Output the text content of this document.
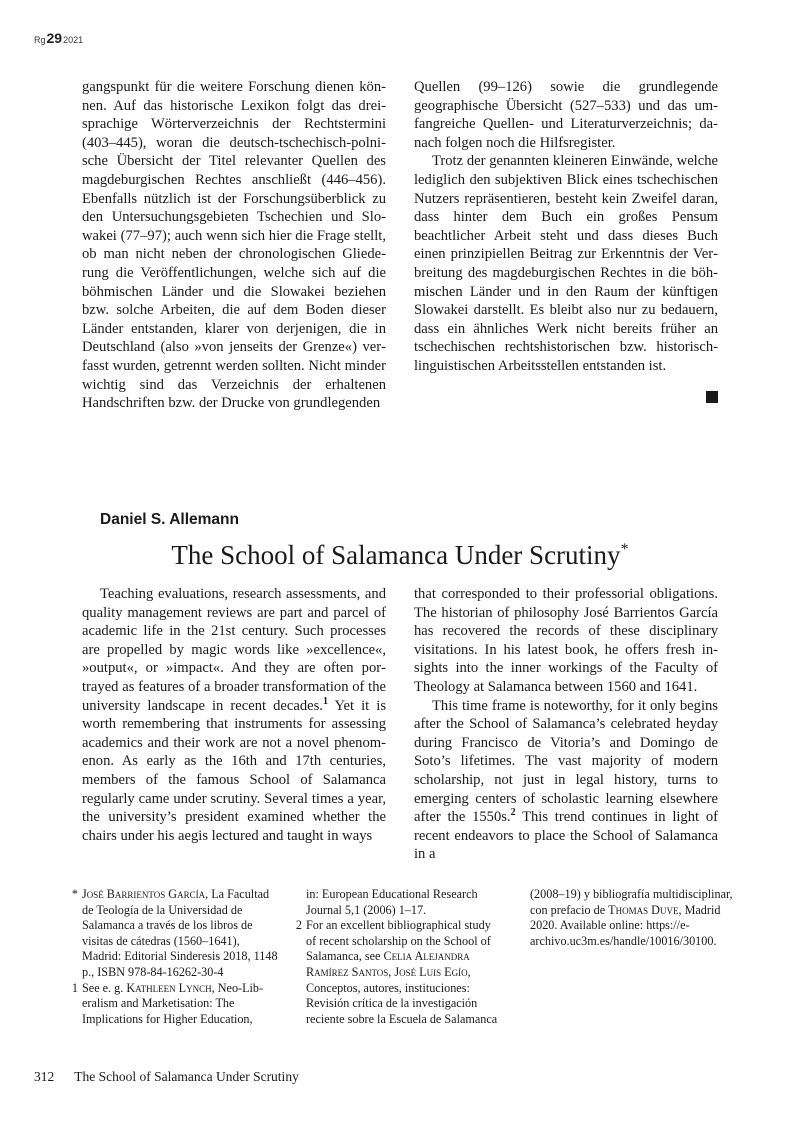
Rg292021

gangspunkt für die weitere Forschung dienen können. Auf das historische Lexikon folgt das dreisprachige Wörterverzeichnis der Rechtstermini (403–445), woran die deutsch-tschechisch-polnische Übersicht der Titel relevanter Quellen des magdeburgischen Rechtes anschließt (446–456). Ebenfalls nützlich ist der Forschungsüberblick zu den Untersuchungsgebieten Tschechien und Slowakei (77–97); auch wenn sich hier die Frage stellt, ob man nicht neben der chronologischen Gliederung die Veröffentlichungen, welche sich auf die böhmischen Länder und die Slowakei beziehen bzw. solche Arbeiten, die auf dem Boden dieser Länder entstanden, klarer von derjenigen, die in Deutschland (also »von jenseits der Grenze«) verfasst wurden, getrennt werden sollten. Nicht minder wichtig sind das Verzeichnis der erhaltenen Handschriften bzw. der Drucke von grundlegenden

Quellen (99–126) sowie die grundlegende geographische Übersicht (527–533) und das umfangreiche Quellen- und Literaturverzeichnis; danach folgen noch die Hilfsregister.

Trotz der genannten kleineren Einwände, welche lediglich den subjektiven Blick eines tschechischen Nutzers repräsentieren, besteht kein Zweifel daran, dass hinter dem Buch ein großes Pensum beachtlicher Arbeit steht und dass dieses Buch einen prinzipiellen Beitrag zur Erkenntnis der Verbreitung des magdeburgischen Rechtes in die böhmischen Länder und in den Raum der künftigen Slowakei darstellt. Es bleibt also nur zu bedauern, dass ein ähnliches Werk nicht bereits früher an tschechischen rechtshistorischen bzw. historisch-linguistischen Arbeitsstellen entstanden ist.

Daniel S. Allemann
The School of Salamanca Under Scrutiny*

Teaching evaluations, research assessments, and quality management reviews are part and parcel of academic life in the 21st century. Such processes are propelled by magic words like »excellence«, »output«, or »impact«. And they are often portrayed as features of a broader transformation of the university landscape in recent decades.$^1$ Yet it is worth remembering that instruments for assessing academics and their work are not a novel phenomenon. As early as the 16th and 17th centuries, members of the famous School of Salamanca regularly came under scrutiny. Several times a year, the university’s president examined whether the chairs under his aegis lectured and taught in ways

that corresponded to their professorial obligations. The historian of philosophy José Barrientos García has recovered the records of these disciplinary visitations. In his latest book, he offers fresh insights into the inner workings of the Faculty of Theology at Salamanca between 1560 and 1641.

This time frame is noteworthy, for it only begins after the School of Salamanca’s celebrated heyday during Francisco de Vitoria’s and Domingo de Soto’s lifetimes. The vast majority of modern scholarship, not just in legal history, turns to emerging centers of scholastic learning elsewhere after the 1550s.$^2$ This trend continues in light of recent endeavors to place the School of Salamanca in a

* José Barrientos García, La Facultad de Teología de la Universidad de Salamanca a través de los libros de visitas de cátedras (1560–1641), Madrid: Editorial Sinderesis 2018, 1148 p., ISBN 978-84-16262-30-4
1 See e. g. Kathleen Lynch, Neo-Liberalism and Marketisation: The Implications for Higher Education,
in: European Educational Research Journal 5,1 (2006) 1–17.
2 For an excellent bibliographical study of recent scholarship on the School of Salamanca, see Celia Alejandra Ramírez Santos, José Luis Egío, Conceptos, autores, instituciones: Revisión crítica de la investigación reciente sobre la Escuela de Salamanca
(2008–19) y bibliografía multidisciplinar, con prefacio de Thomas Duve, Madrid 2020. Available online: https://e-archivo.uc3m.es/handle/10016/30100.
312 The School of Salamanca Under Scrutiny
